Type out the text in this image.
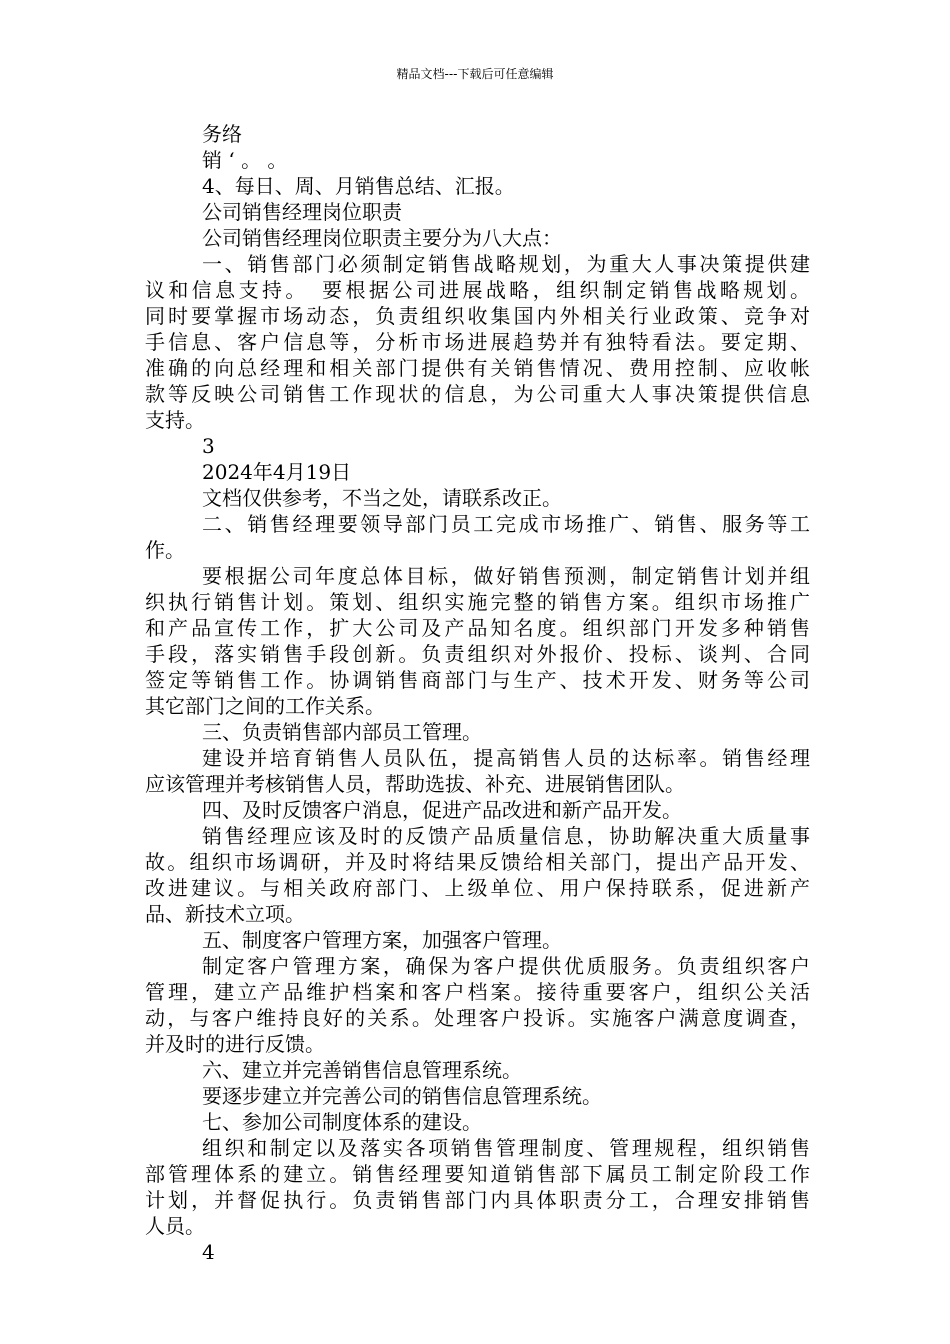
精品文档---下载后可任意编辑
务络
销 ‘ 。 。
4、每日、周、月销售总结、汇报。
公司销售经理岗位职责
公司销售经理岗位职责主要分为八大点：
一、销售部门必须制定销售战略规划，为重大人事决策提供建
议和信息支持。　要根据公司进展战略，组织制定销售战略规划。
同时要掌握市场动态，负责组织收集国内外相关行业政策、竞争对
手信息、客户信息等，分析市场进展趋势并有独特看法。要定期、
准确的向总经理和相关部门提供有关销售情况、费用控制、应收帐
款等反映公司销售工作现状的信息，为公司重大人事决策提供信息
支持。
3
2024年4月19日
文档仅供参考，不当之处，请联系改正。
二、销售经理要领导部门员工完成市场推广、销售、服务等工
作。
要根据公司年度总体目标，做好销售预测，制定销售计划并组
织执行销售计划。策划、组织实施完整的销售方案。组织市场推广
和产品宣传工作，扩大公司及产品知名度。组织部门开发多种销售
手段，落实销售手段创新。负责组织对外报价、投标、谈判、合同
签定等销售工作。协调销售商部门与生产、技术开发、财务等公司
其它部门之间的工作关系。
三、负责销售部内部员工管理。
建设并培育销售人员队伍，提高销售人员的达标率。销售经理
应该管理并考核销售人员，帮助选拔、补充、进展销售团队。
四、及时反馈客户消息，促进产品改进和新产品开发。
销售经理应该及时的反馈产品质量信息，协助解决重大质量事
故。组织市场调研，并及时将结果反馈给相关部门，提出产品开发、
改进建议。与相关政府部门、上级单位、用户保持联系，促进新产
品、新技术立项。
五、制度客户管理方案，加强客户管理。
制定客户管理方案，确保为客户提供优质服务。负责组织客户
管理，建立产品维护档案和客户档案。接待重要客户，组织公关活
动，与客户维持良好的关系。处理客户投诉。实施客户满意度调查，
并及时的进行反馈。
六、建立并完善销售信息管理系统。
要逐步建立并完善公司的销售信息管理系统。
七、参加公司制度体系的建设。
组织和制定以及落实各项销售管理制度、管理规程，组织销售
部管理体系的建立。销售经理要知道销售部下属员工制定阶段工作
计划，并督促执行。负责销售部门内具体职责分工，合理安排销售
人员。
4
